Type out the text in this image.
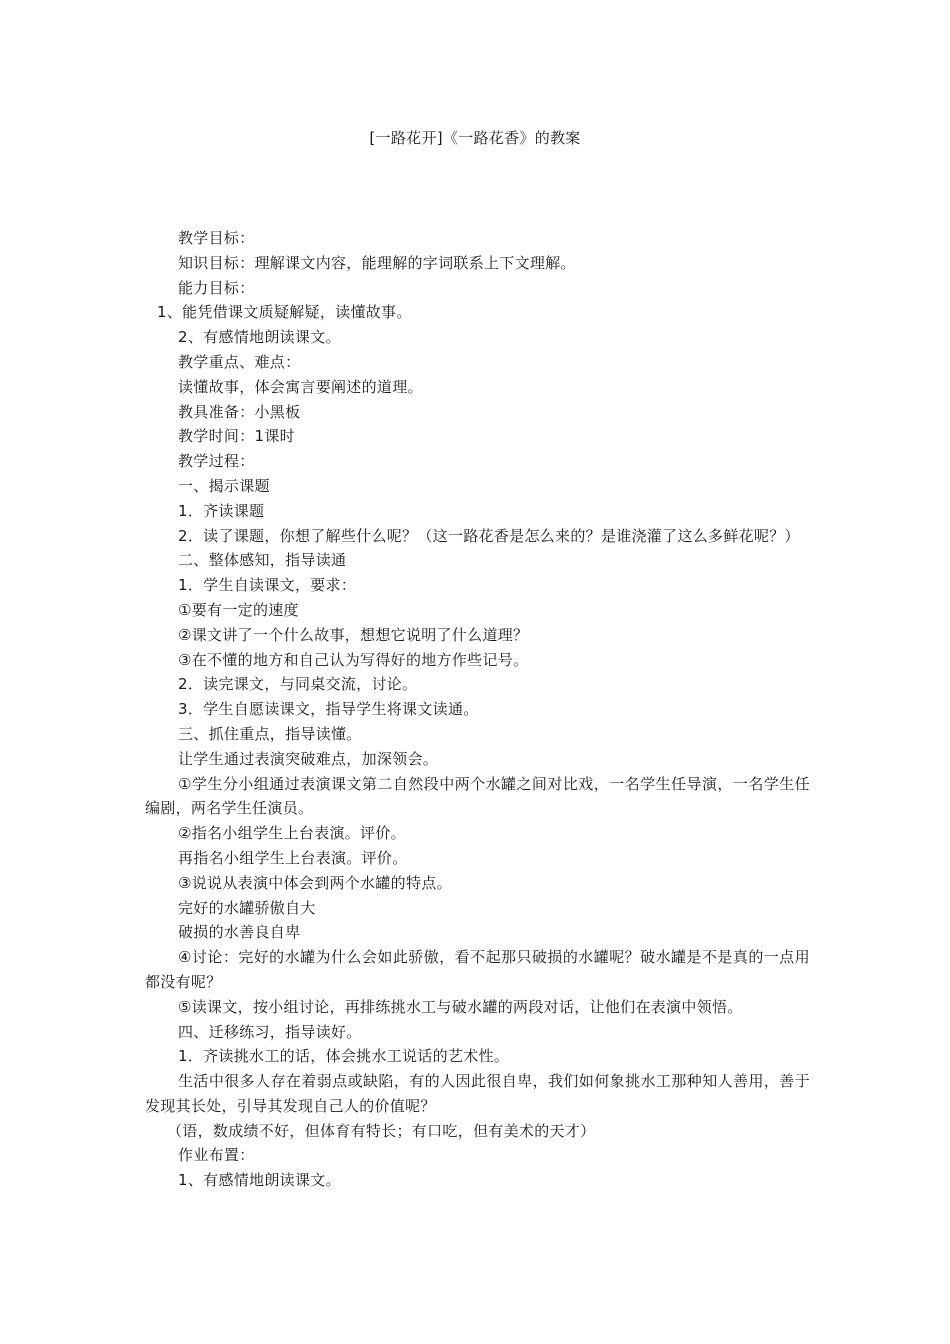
[一路花开]《一路花香》的教案

教学目标：

知识目标：理解课文内容，能理解的字词联系上下文理解。

能力目标：

1、能凭借课文质疑解疑，读懂故事。

2、有感情地朗读课文。

教学重点、难点：

读懂故事，体会寓言要阐述的道理。

教具准备：小黑板

教学时间：1课时

教学过程：

一、揭示课题

1．齐读课题

2．读了课题，你想了解些什么呢？（这一路花香是怎么来的？是谁浇灌了这么多鲜花呢？）

二、整体感知，指导读通

1．学生自读课文，要求：

①要有一定的速度

②课文讲了一个什么故事，想想它说明了什么道理？

③在不懂的地方和自己认为写得好的地方作些记号。

2．读完课文，与同桌交流，讨论。

3．学生自愿读课文，指导学生将课文读通。

三、抓住重点，指导读懂。

让学生通过表演突破难点，加深领会。

①学生分小组通过表演课文第二自然段中两个水罐之间对比戏，一名学生任导演，一名学生任编剧，两名学生任演员。

②指名小组学生上台表演。评价。

再指名小组学生上台表演。评价。

③说说从表演中体会到两个水罐的特点。

完好的水罐骄傲自大

破损的水善良自卑

④讨论：完好的水罐为什么会如此骄傲，看不起那只破损的水罐呢？破水罐是不是真的一点用都没有呢？

⑤读课文，按小组讨论，再排练挑水工与破水罐的两段对话，让他们在表演中领悟。

四、迁移练习，指导读好。

1．齐读挑水工的话，体会挑水工说话的艺术性。

生活中很多人存在着弱点或缺陷，有的人因此很自卑，我们如何象挑水工那种知人善用，善于发现其长处，引导其发现自己人的价值呢？

（语，数成绩不好，但体育有特长；有口吃，但有美术的天才）

作业布置：

1、有感情地朗读课文。
